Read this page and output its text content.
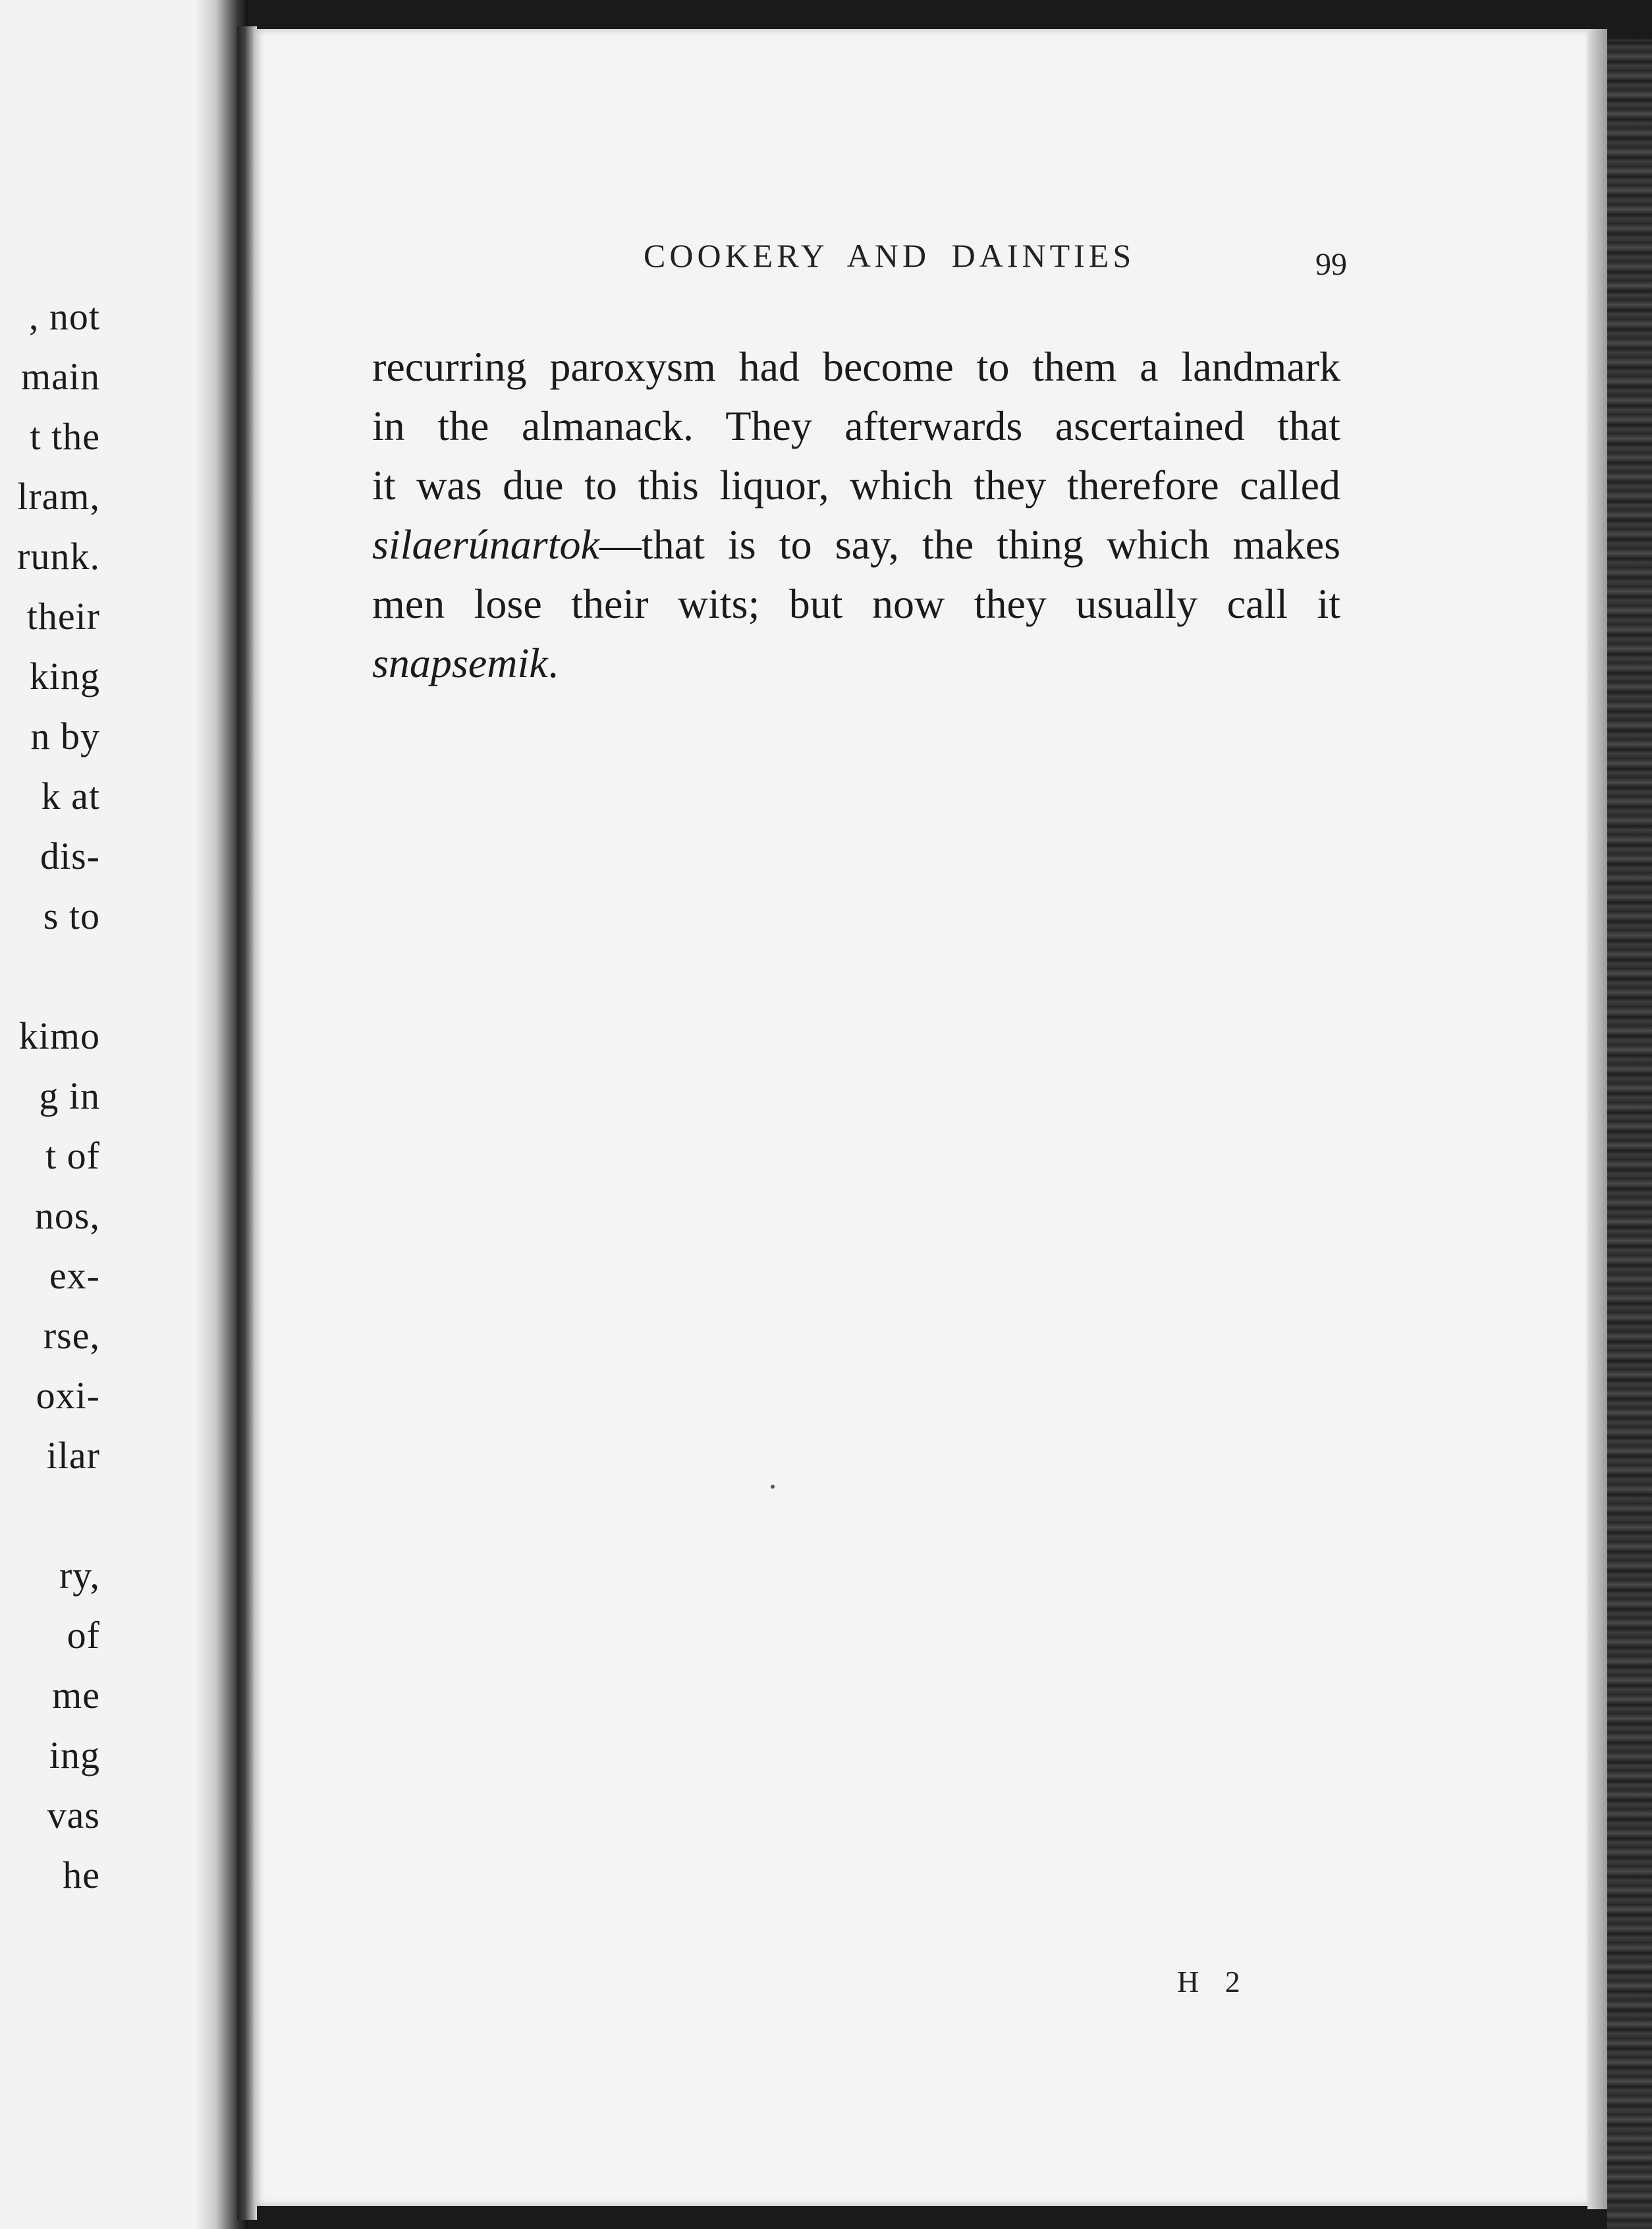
, not
main
t the
lram,
runk.
their
king
n by
k at
dis-
s to
kimo
g in
t of
nos,
ex-
rse,
oxi-
ilar
ry,
of
me
ing
vas
he
COOKERY AND DAINTIES	99
recurring paroxysm had become to them a landmark
in the almanack. They afterwards ascertained that
it was due to this liquor, which they therefore called
silaerúnartok—that is to say, the thing which makes
men lose their wits; but now they usually call it
snapsemik.
H 2
